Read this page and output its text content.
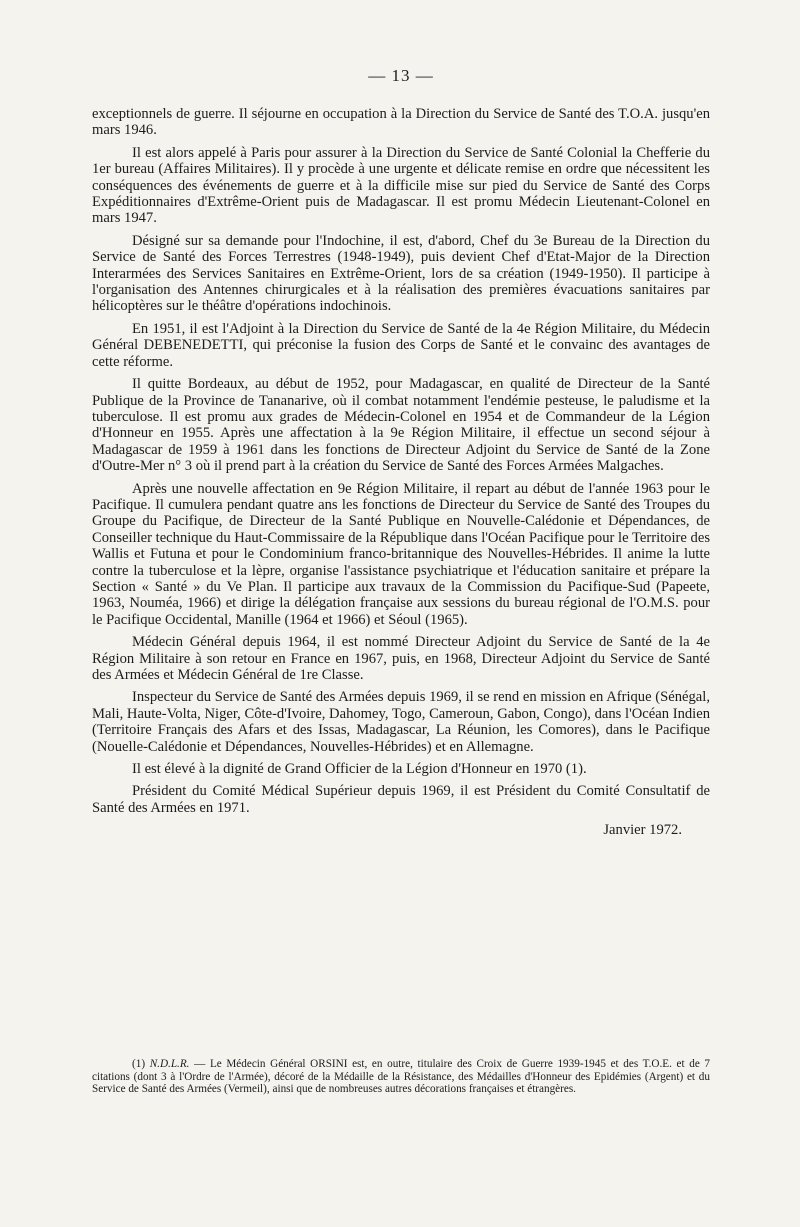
— 13 —

exceptionnels de guerre. Il séjourne en occupation à la Direction du Service de Santé des T.O.A. jusqu'en mars 1946.

Il est alors appelé à Paris pour assurer à la Direction du Service de Santé Colonial la Chefferie du 1er bureau (Affaires Militaires). Il y procède à une urgente et délicate remise en ordre que nécessitent les conséquences des événements de guerre et à la difficile mise sur pied du Service de Santé des Corps Expéditionnaires d'Extrême-Orient puis de Madagascar. Il est promu Médecin Lieutenant-Colonel en mars 1947.

Désigné sur sa demande pour l'Indochine, il est, d'abord, Chef du 3e Bureau de la Direction du Service de Santé des Forces Terrestres (1948-1949), puis devient Chef d'Etat-Major de la Direction Interarmées des Services Sanitaires en Extrême-Orient, lors de sa création (1949-1950). Il participe à l'organisation des Antennes chirurgicales et à la réalisation des premières évacuations sanitaires par hélicoptères sur le théâtre d'opérations indochinois.

En 1951, il est l'Adjoint à la Direction du Service de Santé de la 4e Région Militaire, du Médecin Général DEBENEDETTI, qui préconise la fusion des Corps de Santé et le convainc des avantages de cette réforme.

Il quitte Bordeaux, au début de 1952, pour Madagascar, en qualité de Directeur de la Santé Publique de la Province de Tananarive, où il combat notamment l'endémie pesteuse, le paludisme et la tuberculose. Il est promu aux grades de Médecin-Colonel en 1954 et de Commandeur de la Légion d'Honneur en 1955. Après une affectation à la 9e Région Militaire, il effectue un second séjour à Madagascar de 1959 à 1961 dans les fonctions de Directeur Adjoint du Service de Santé de la Zone d'Outre-Mer n° 3 où il prend part à la création du Service de Santé des Forces Armées Malgaches.

Après une nouvelle affectation en 9e Région Militaire, il repart au début de l'année 1963 pour le Pacifique. Il cumulera pendant quatre ans les fonctions de Directeur du Service de Santé des Troupes du Groupe du Pacifique, de Directeur de la Santé Publique en Nouvelle-Calédonie et Dépendances, de Conseiller technique du Haut-Commissaire de la République dans l'Océan Pacifique pour le Territoire des Wallis et Futuna et pour le Condominium franco-britannique des Nouvelles-Hébrides. Il anime la lutte contre la tuberculose et la lèpre, organise l'assistance psychiatrique et l'éducation sanitaire et prépare la Section « Santé » du Ve Plan. Il participe aux travaux de la Commission du Pacifique-Sud (Papeete, 1963, Nouméa, 1966) et dirige la délégation française aux sessions du bureau régional de l'O.M.S. pour le Pacifique Occidental, Manille (1964 et 1966) et Séoul (1965).

Médecin Général depuis 1964, il est nommé Directeur Adjoint du Service de Santé de la 4e Région Militaire à son retour en France en 1967, puis, en 1968, Directeur Adjoint du Service de Santé des Armées et Médecin Général de 1re Classe.

Inspecteur du Service de Santé des Armées depuis 1969, il se rend en mission en Afrique (Sénégal, Mali, Haute-Volta, Niger, Côte-d'Ivoire, Dahomey, Togo, Cameroun, Gabon, Congo), dans l'Océan Indien (Territoire Français des Afars et des Issas, Madagascar, La Réunion, les Comores), dans le Pacifique (Nouelle-Calédonie et Dépendances, Nouvelles-Hébrides) et en Allemagne.

Il est élevé à la dignité de Grand Officier de la Légion d'Honneur en 1970 (1).

Président du Comité Médical Supérieur depuis 1969, il est Président du Comité Consultatif de Santé des Armées en 1971.

Janvier 1972.
(1) N.D.L.R. — Le Médecin Général ORSINI est, en outre, titulaire des Croix de Guerre 1939-1945 et des T.O.E. et de 7 citations (dont 3 à l'Ordre de l'Armée), décoré de la Médaille de la Résistance, des Médailles d'Honneur des Epidémies (Argent) et du Service de Santé des Armées (Vermeil), ainsi que de nombreuses autres décorations françaises et étrangères.
